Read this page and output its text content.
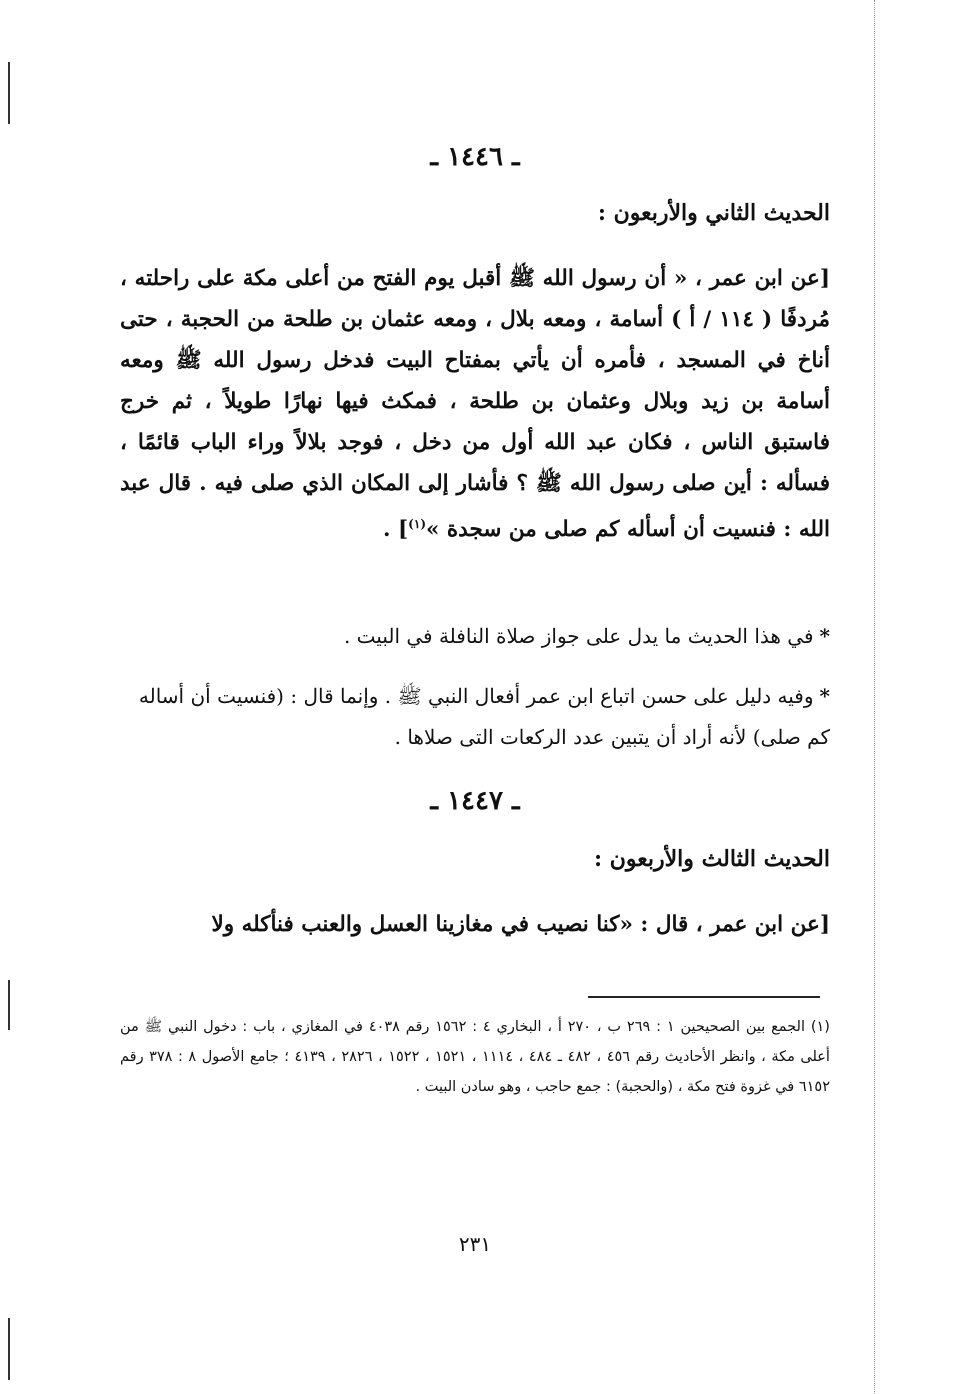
ـ ١٤٤٦ ـ
الحديث الثاني والأربعون :
[عن ابن عمر ، « أن رسول الله ﷺ أقبل يوم الفتح من أعلى مكة على راحلته ، مُردفًا ( ١١٤ / أ ) أسامة ، ومعه بلال ، ومعه عثمان بن طلحة من الحجبة ، حتى أناخ في المسجد ، فأمره أن يأتي بمفتاح البيت فدخل رسول الله ﷺ ومعه أسامة بن زيد وبلال وعثمان بن طلحة ، فمكث فيها نهارًا طويلاً ، ثم خرج فاستبق الناس ، فكان عبد الله أول من دخل ، فوجد بلالاً وراء الباب قائمًا ، فسأله : أين صلى رسول الله ﷺ ؟ فأشار إلى المكان الذي صلى فيه . قال عبد الله : فنسيت أن أسأله كم صلى من سجدة »$^{(١)}$] .
*في هذا الحديث ما يدل على جواز صلاة النافلة في البيت .
*وفيه دليل على حسن اتباع ابن عمر أفعال النبي ﷺ . وإنما قال : (فنسيت أن أساله كم صلى) لأنه أراد أن يتبين عدد الركعات التى صلاها .
ـ ١٤٤٧ ـ
الحديث الثالث والأربعون :
[عن ابن عمر ، قال : «كنا نصيب في مغازينا العسل والعنب فنأكله ولا
(١) الجمع بين الصحيحين ١ : ٢٦٩ ب ، ٢٧٠ أ ، البخاري ٤ : ١٥٦٢ رقم ٤٠٣٨ في المغازي ، باب : دخول النبي ﷺ من أعلى مكة ، وانظر الأحاديث رقم ٤٥٦ ، ٤٨٢ ـ ٤٨٤ ، ١١١٤ ، ١٥٢١ ، ١٥٢٢ ، ٢٨٢٦ ، ٤١٣٩ ؛ جامع الأصول ٨ : ٣٧٨ رقم ٦١٥٢ في غزوة فتح مكة ، (والحجبة) : جمع حاجب ، وهو سادن البيت .
٢٣١
